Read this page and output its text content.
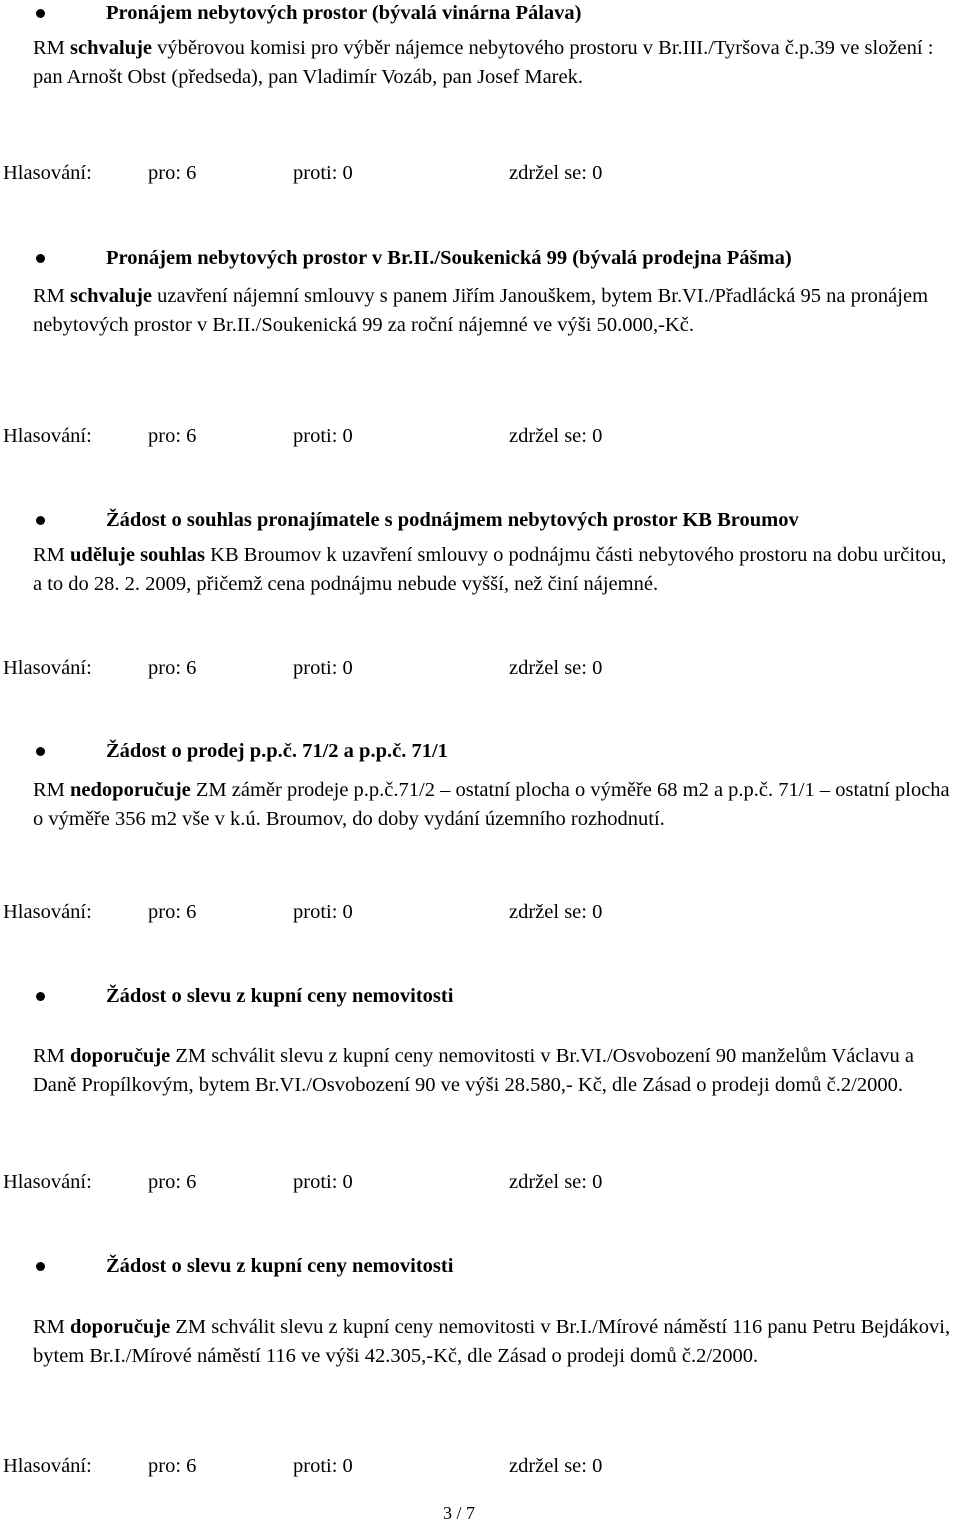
Pronájem nebytových prostor (bývalá vinárna Pálava)
RM schvaluje výběrovou komisi pro výběr nájemce nebytového prostoru v Br.III./Tyršova č.p.39 ve složení : pan Arnošt Obst (předseda), pan Vladimír Vozáb, pan Josef Marek.
Hlasování:	pro: 6	proti: 0	zdržel se: 0
Pronájem nebytových prostor v Br.II./Soukenická 99 (bývalá prodejna Pášma)
RM schvaluje uzavření nájemní smlouvy s panem Jiřím Janouškem, bytem Br.VI./Přadlácká 95 na pronájem nebytových prostor v Br.II./Soukenická 99 za roční nájemné ve výši 50.000,-Kč.
Hlasování:	pro: 6	proti: 0	zdržel se: 0
Žádost o souhlas pronajímatele s podnájmem nebytových prostor KB Broumov
RM uděluje souhlas KB Broumov k uzavření smlouvy o podnájmu části nebytového prostoru na dobu určitou, a to do 28. 2. 2009, přičemž cena podnájmu nebude vyšší, než činí nájemné.
Hlasování:	pro: 6	proti: 0	zdržel se: 0
Žádost o prodej p.p.č. 71/2 a p.p.č. 71/1
RM nedoporučuje ZM záměr prodeje p.p.č.71/2 – ostatní plocha o výměře 68 m2 a p.p.č. 71/1 – ostatní plocha o výměře 356 m2 vše v k.ú. Broumov, do doby vydání územního rozhodnutí.
Hlasování:	pro: 6	proti: 0	zdržel se: 0
Žádost o slevu z kupní ceny nemovitosti
RM doporučuje ZM schválit slevu z kupní ceny nemovitosti v Br.VI./Osvobození 90 manželům Václavu a Daně Propílkovým, bytem Br.VI./Osvobození 90 ve výši 28.580,- Kč, dle Zásad o prodeji domů č.2/2000.
Hlasování:	pro: 6	proti: 0	zdržel se: 0
Žádost o slevu z kupní ceny nemovitosti
RM doporučuje ZM schválit slevu z kupní ceny nemovitosti v Br.I./Mírové náměstí 116 panu Petru Bejdákovi, bytem Br.I./Mírové náměstí 116 ve výši 42.305,-Kč, dle Zásad o prodeji domů č.2/2000.
Hlasování:	pro: 6	proti: 0	zdržel se: 0
3 / 7
